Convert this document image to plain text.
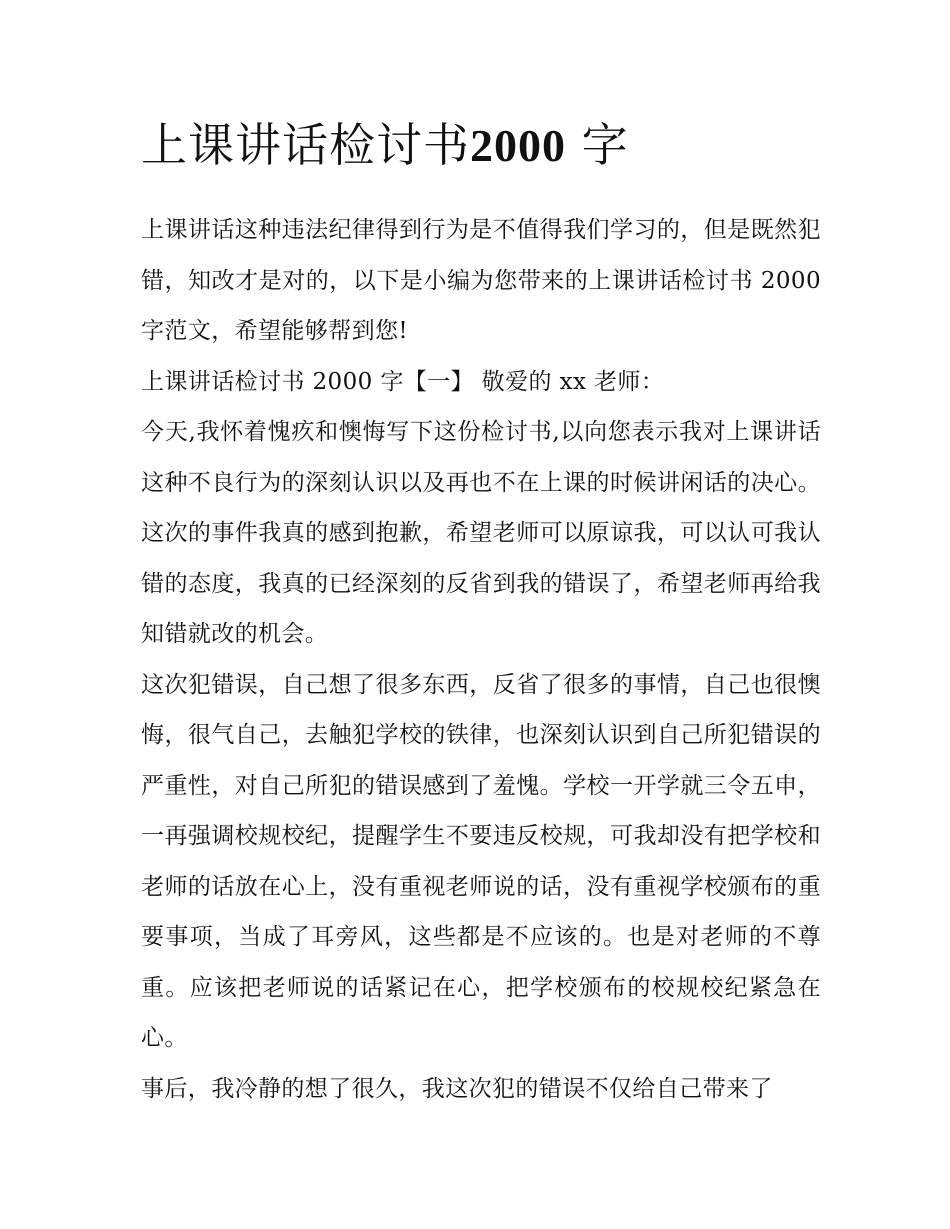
上课讲话检讨书2000 字

上课讲话这种违法纪律得到行为是不值得我们学习的，但是既然犯错，知改才是对的，以下是小编为您带来的上课讲话检讨书 2000 字范文，希望能够帮到您!

上课讲话检讨书 2000 字【一】 敬爱的 xx 老师：

今天,我怀着愧疚和懊悔写下这份检讨书,以向您表示我对上课讲话这种不良行为的深刻认识以及再也不在上课的时候讲闲话的决心。这次的事件我真的感到抱歉，希望老师可以原谅我，可以认可我认错的态度，我真的已经深刻的反省到我的错误了，希望老师再给我知错就改的机会。

这次犯错误，自己想了很多东西，反省了很多的事情，自己也很懊悔，很气自己，去触犯学校的铁律，也深刻认识到自己所犯错误的严重性，对自己所犯的错误感到了羞愧。学校一开学就三令五申，一再强调校规校纪，提醒学生不要违反校规，可我却没有把学校和老师的话放在心上，没有重视老师说的话，没有重视学校颁布的重要事项，当成了耳旁风，这些都是不应该的。也是对老师的不尊重。应该把老师说的话紧记在心，把学校颁布的校规校纪紧急在心。

事后，我冷静的想了很久，我这次犯的错误不仅给自己带来了
